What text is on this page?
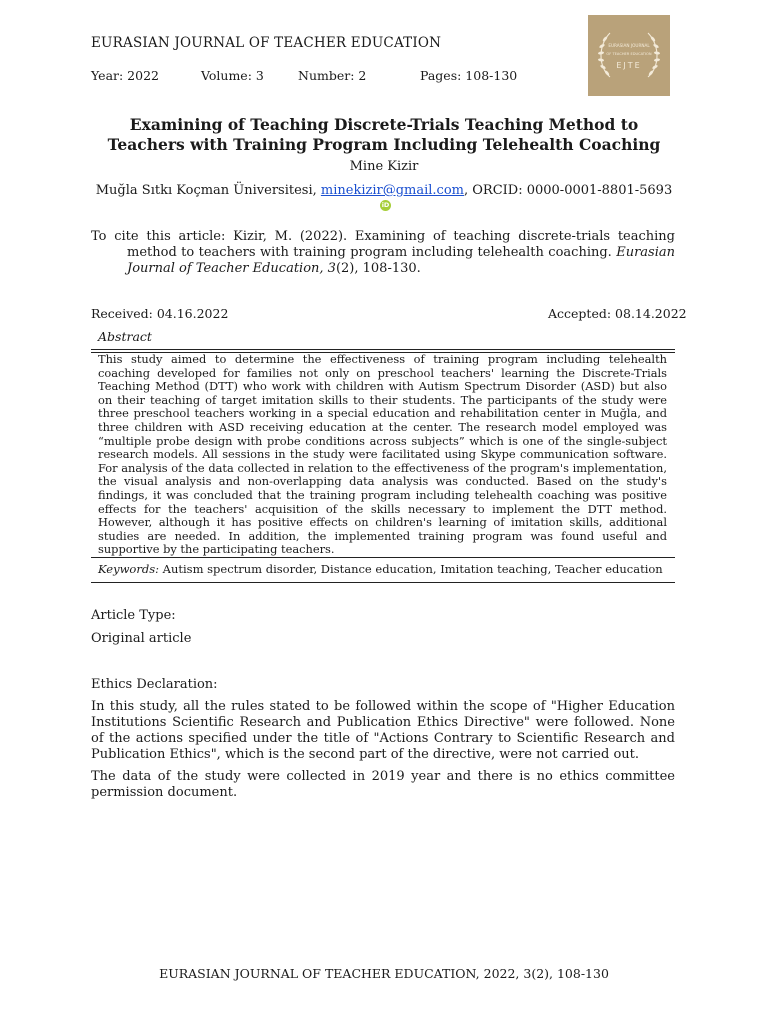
EURASIAN JOURNAL OF TEACHER EDUCATION
Year: 2022	Volume: 3	Number: 2	Pages: 108-130
EURASIAN JOURNAL
OF TEACHER EDUCATION
EJTE
Examining of Teaching Discrete-Trials Teaching Method to Teachers with Training Program Including Telehealth Coaching
Mine Kizir
Muğla Sıtkı Koçman Üniversitesi, minekizir@gmail.com, ORCID: 0000-0001-8801-5693iD
To cite this article: Kizir, M. (2022). Examining of teaching discrete-trials teaching method to teachers with training program including telehealth coaching. Eurasian Journal of Teacher Education, 3(2), 108-130.
Received: 04.16.2022	Accepted: 08.14.2022
Abstract
This study aimed to determine the effectiveness of training program including telehealth coaching developed for families not only on preschool teachers' learning the Discrete-Trials Teaching Method (DTT) who work with children with Autism Spectrum Disorder (ASD) but also on their teaching of target imitation skills to their students. The participants of the study were three preschool teachers working in a special education and rehabilitation center in Muğla, and three children with ASD receiving education at the center. The research model employed was “multiple probe design with probe conditions across subjects” which is one of the single-subject research models. All sessions in the study were facilitated using Skype communication software. For analysis of the data collected in relation to the effectiveness of the program's implementation, the visual analysis and non-overlapping data analysis was conducted. Based on the study's findings, it was concluded that the training program including telehealth coaching was positive effects for the teachers' acquisition of the skills necessary to implement the DTT method. However, although it has positive effects on children's learning of imitation skills, additional studies are needed. In addition, the implemented training program was found useful and supportive by the participating teachers.
Keywords: Autism spectrum disorder, Distance education, Imitation teaching, Teacher education
Article Type:
Original article
Ethics Declaration:
In this study, all the rules stated to be followed within the scope of "Higher Education Institutions Scientific Research and Publication Ethics Directive" were followed. None of the actions specified under the title of "Actions Contrary to Scientific Research and Publication Ethics", which is the second part of the directive, were not carried out.
The data of the study were collected in 2019 year and there is no ethics committee permission document.
EURASIAN JOURNAL OF TEACHER EDUCATION, 2022, 3(2), 108-130
